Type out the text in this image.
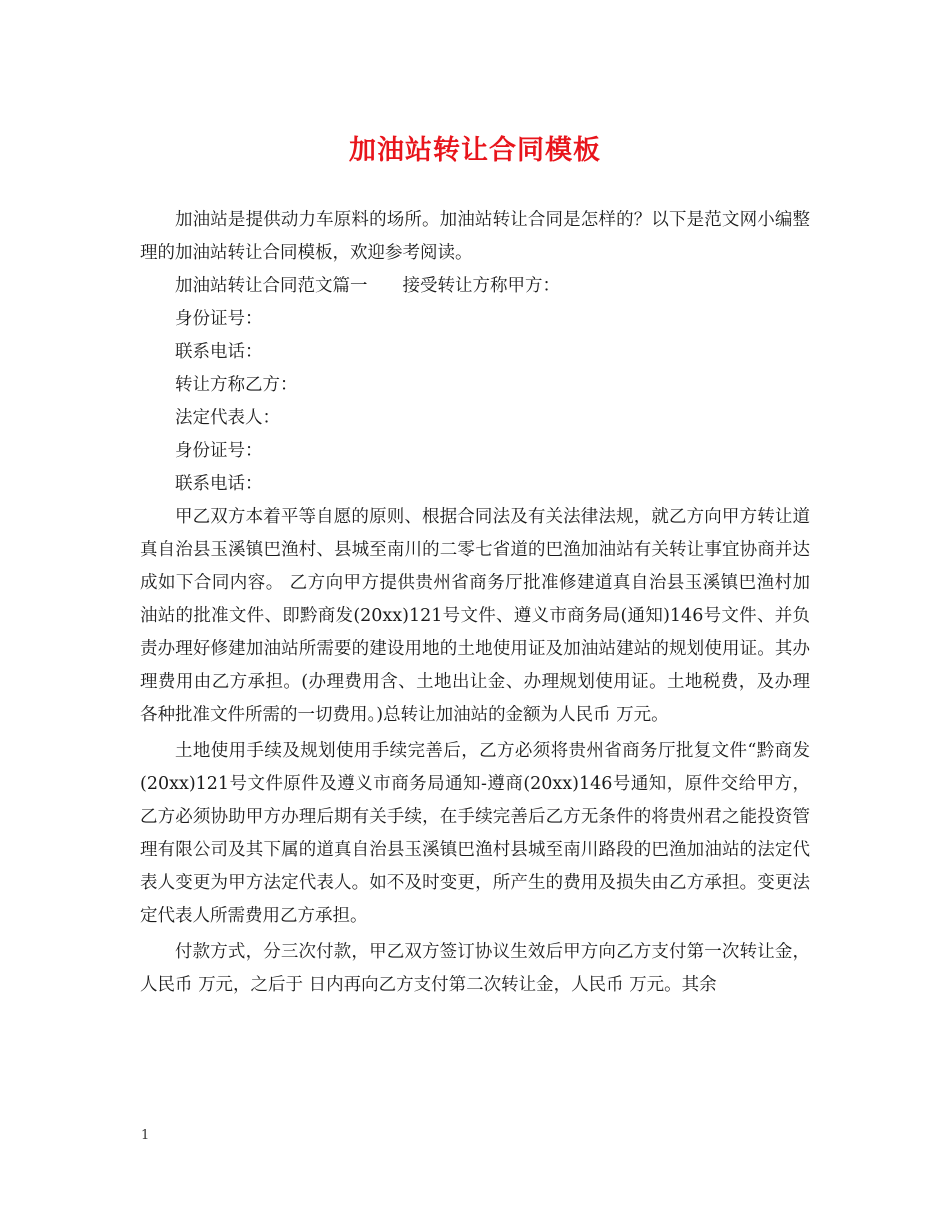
加油站转让合同模板

加油站是提供动力车原料的场所。加油站转让合同是怎样的？以下是范文网小编整理的加油站转让合同模板，欢迎参考阅读。

加油站转让合同范文篇一　　接受转让方称甲方：

身份证号：

联系电话：

转让方称乙方：

法定代表人：

身份证号：

联系电话：

甲乙双方本着平等自愿的原则、根据合同法及有关法律法规，就乙方向甲方转让道真自治县玉溪镇巴渔村、县城至南川的二零七省道的巴渔加油站有关转让事宜协商并达成如下合同内容。 乙方向甲方提供贵州省商务厅批准修建道真自治县玉溪镇巴渔村加油站的批准文件、即黔商发(20xx)121号文件、遵义市商务局(通知)146号文件、并负责办理好修建加油站所需要的建设用地的土地使用证及加油站建站的规划使用证。其办理费用由乙方承担。(办理费用含、土地出让金、办理规划使用证。土地税费，及办理各种批准文件所需的一切费用。)总转让加油站的金额为人民币 万元。

土地使用手续及规划使用手续完善后，乙方必须将贵州省商务厅批复文件“黔商发(20xx)121号文件原件及遵义市商务局通知-遵商(20xx)146号通知，原件交给甲方，乙方必须协助甲方办理后期有关手续，在手续完善后乙方无条件的将贵州君之能投资管理有限公司及其下属的道真自治县玉溪镇巴渔村县城至南川路段的巴渔加油站的法定代表人变更为甲方法定代表人。如不及时变更，所产生的费用及损失由乙方承担。变更法定代表人所需费用乙方承担。

付款方式，分三次付款，甲乙双方签订协议生效后甲方向乙方支付第一次转让金，人民币 万元，之后于 日内再向乙方支付第二次转让金，人民币 万元。其余

1
